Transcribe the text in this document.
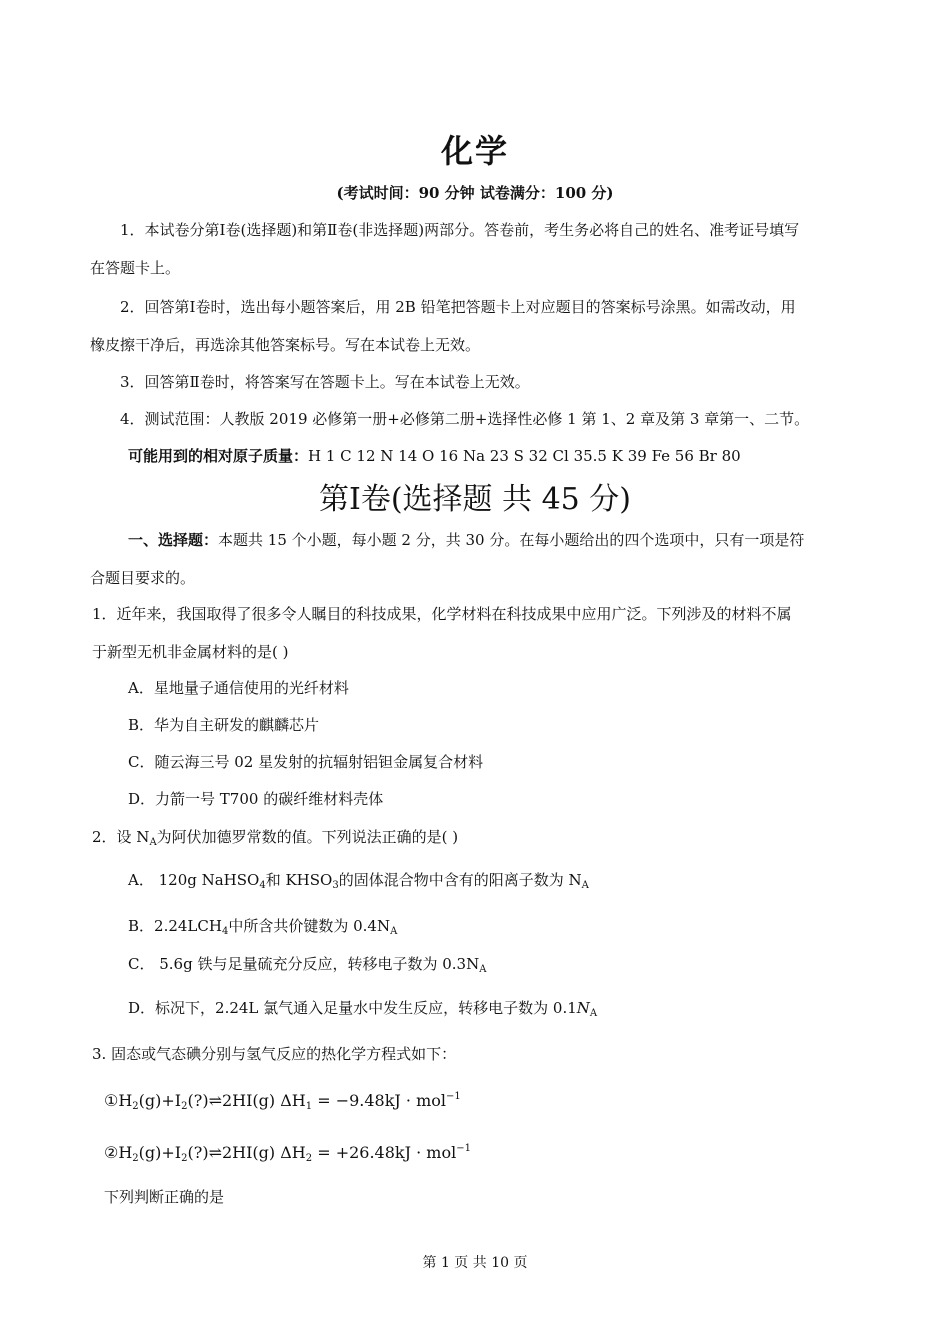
化学
(考试时间：90 分钟 试卷满分：100 分)
1．本试卷分第Ⅰ卷(选择题)和第Ⅱ卷(非选择题)两部分。答卷前，考生务必将自己的姓名、准考证号填写
在答题卡上。
2．回答第Ⅰ卷时，选出每小题答案后，用 2B 铅笔把答题卡上对应题目的答案标号涂黑。如需改动，用
橡皮擦干净后，再选涂其他答案标号。写在本试卷上无效。
3．回答第Ⅱ卷时，将答案写在答题卡上。写在本试卷上无效。
4．测试范围：人教版 2019 必修第一册+必修第二册+选择性必修 1 第 1、2 章及第 3 章第一、二节。
可能用到的相对原子质量：H 1 C 12 N 14 O 16 Na 23 S 32 Cl 35.5 K 39 Fe 56 Br 80
第Ⅰ卷(选择题 共 45 分)
一、选择题：本题共 15 个小题，每小题 2 分，共 30 分。在每小题给出的四个选项中，只有一项是符
合题目要求的。
1．近年来，我国取得了很多令人瞩目的科技成果，化学材料在科技成果中应用广泛。下列涉及的材料不属
于新型无机非金属材料的是( )
A．星地量子通信使用的光纤材料
B．华为自主研发的麒麟芯片
C．随云海三号 02 星发射的抗辐射铝钽金属复合材料
D．力箭一号 T700 的碳纤维材料壳体
2．设 $N_A$为阿伏加德罗常数的值。下列说法正确的是( )
A． 120g NaHSO$_4$和 $KHSO_3$的固体混合物中含有的阳离子数为 $N_A$
B．$2.24LCH_4$中所含共价键数为 $0.4N_A$
C． 5.6g 铁与足量硫充分反应，转移电子数为 $0.3N_A$
D．标况下，2.24L 氯气通入足量水中发生反应，转移电子数为 $0.1N_A$
3. 固态或气态碘分别与氢气反应的热化学方程式如下：
$①H_2(g)+I_2(?)\rightleftharpoons 2HI(g) \Delta H_1 = -9.48kJ \cdot mol^{-1}$
$②H_2(g)+I_2(?)\rightleftharpoons 2HI(g) \Delta H_2 = +26.48kJ \cdot mol^{-1}$
下列判断正确的是
第 1 页 共 10 页
